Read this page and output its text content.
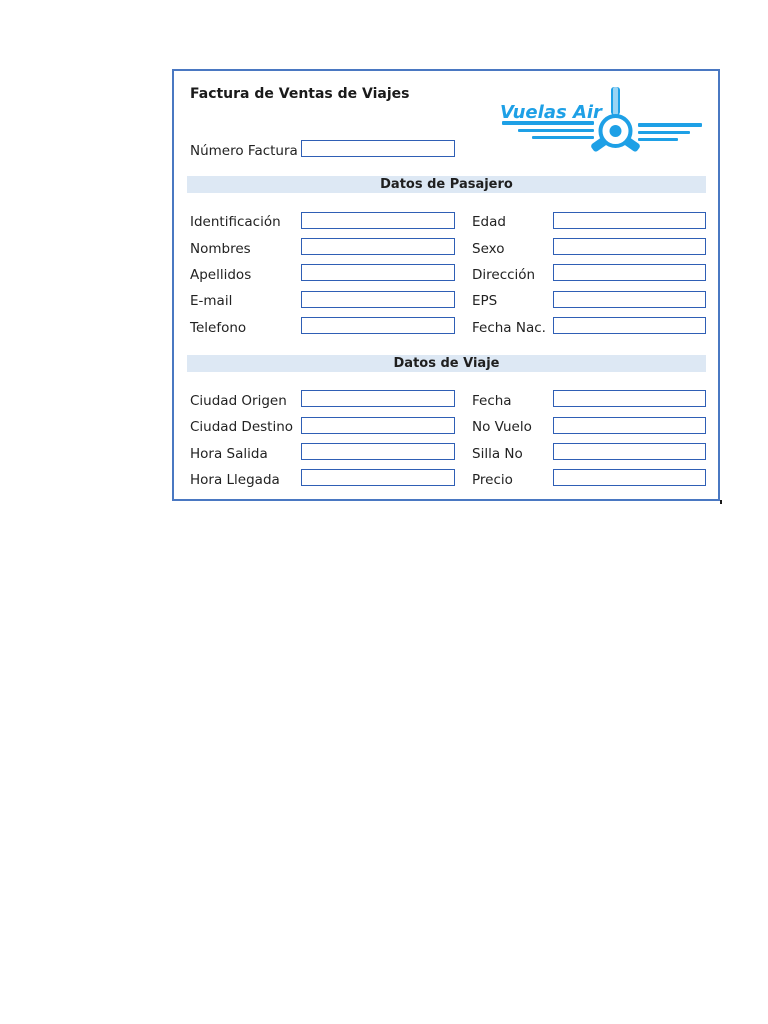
Factura de Ventas de Viajes
Vuelas Air
Número Factura
Datos de Pasajero
Identificación	Edad
Nombres	Sexo
Apellidos	Dirección
E-mail	EPS
Telefono	Fecha Nac.
Datos de Viaje
Ciudad Origen	Fecha
Ciudad Destino	No Vuelo
Hora Salida	Silla No
Hora Llegada	Precio
